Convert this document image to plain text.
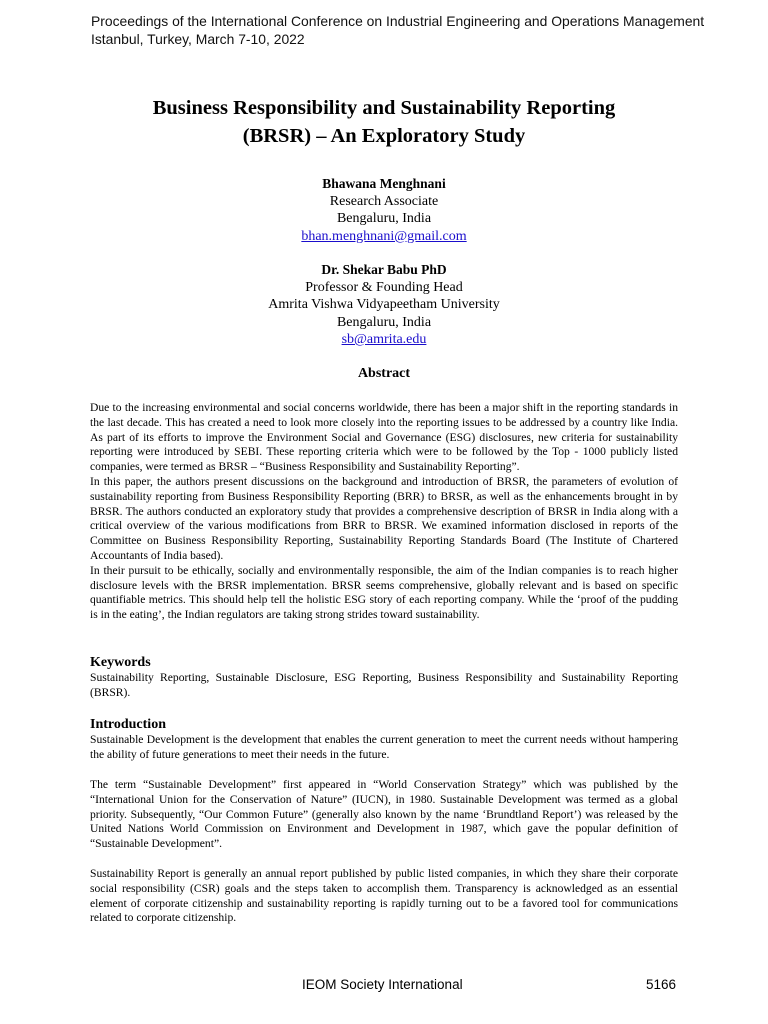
Proceedings of the International Conference on Industrial Engineering and Operations Management
Istanbul, Turkey, March 7-10, 2022
Business Responsibility and Sustainability Reporting
(BRSR) – An Exploratory Study
Bhawana Menghnani
Research Associate
Bengaluru, India
bhan.menghnani@gmail.com
Dr. Shekar Babu PhD
Professor & Founding Head
Amrita Vishwa Vidyapeetham University
Bengaluru, India
sb@amrita.edu
Abstract

Due to the increasing environmental and social concerns worldwide, there has been a major shift in the reporting standards in the last decade. This has created a need to look more closely into the reporting issues to be addressed by a country like India. As part of its efforts to improve the Environment Social and Governance (ESG) disclosures, new criteria for sustainability reporting were introduced by SEBI. These reporting criteria which were to be followed by the Top - 1000 publicly listed companies, were termed as BRSR – “Business Responsibility and Sustainability Reporting”.

In this paper, the authors present discussions on the background and introduction of BRSR, the parameters of evolution of sustainability reporting from Business Responsibility Reporting (BRR) to BRSR, as well as the enhancements brought in by BRSR. The authors conducted an exploratory study that provides a comprehensive description of BRSR in India along with a critical overview of the various modifications from BRR to BRSR. We examined information disclosed in reports of the Committee on Business Responsibility Reporting, Sustainability Reporting Standards Board (The Institute of Chartered Accountants of India based).

In their pursuit to be ethically, socially and environmentally responsible, the aim of the Indian companies is to reach higher disclosure levels with the BRSR implementation. BRSR seems comprehensive, globally relevant and is based on specific quantifiable metrics. This should help tell the holistic ESG story of each reporting company. While the ‘proof of the pudding is in the eating’, the Indian regulators are taking strong strides toward sustainability.

Keywords
Sustainability Reporting, Sustainable Disclosure, ESG Reporting, Business Responsibility and Sustainability Reporting (BRSR).
Introduction
Sustainable Development is the development that enables the current generation to meet the current needs without hampering the ability of future generations to meet their needs in the future.
The term “Sustainable Development” first appeared in “World Conservation Strategy” which was published by the “International Union for the Conservation of Nature” (IUCN), in 1980. Sustainable Development was termed as a global priority. Subsequently, “Our Common Future” (generally also known by the name ‘Brundtland Report’) was released by the United Nations World Commission on Environment and Development in 1987, which gave the popular definition of “Sustainable Development”.
Sustainability Report is generally an annual report published by public listed companies, in which they share their corporate social responsibility (CSR) goals and the steps taken to accomplish them. Transparency is acknowledged as an essential element of corporate citizenship and sustainability reporting is rapidly turning out to be a favored tool for communications related to corporate citizenship.
IEOM Society International	5166
